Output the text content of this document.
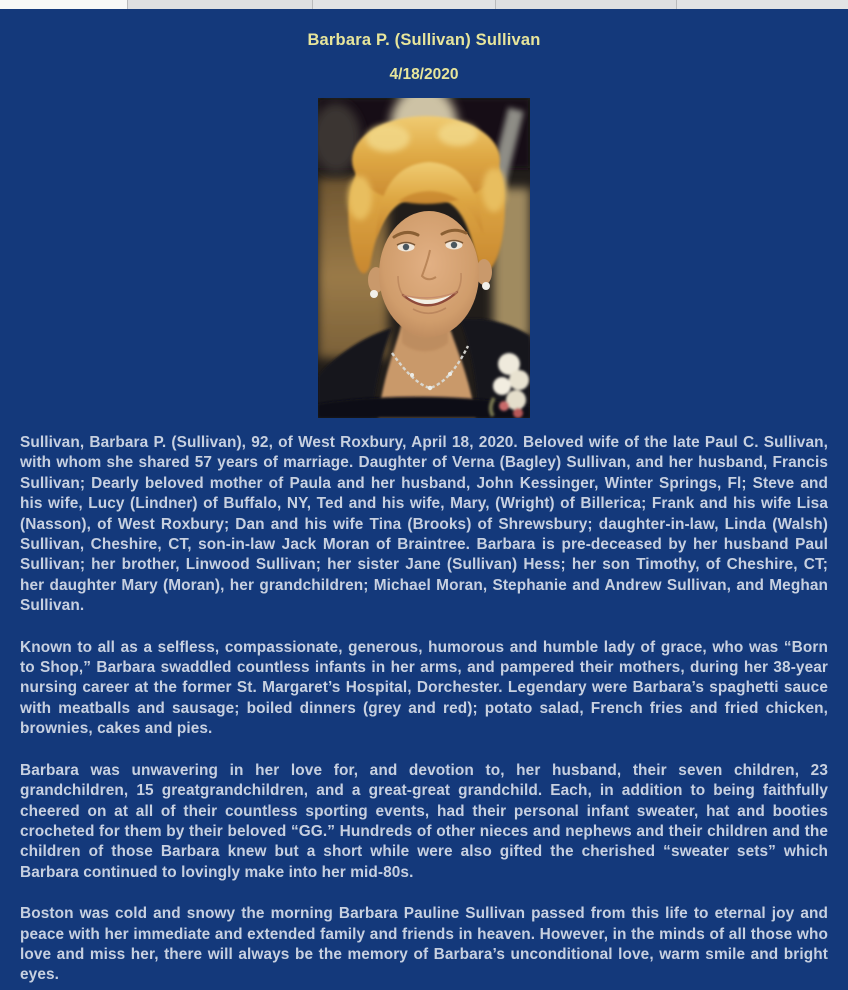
Barbara P. (Sullivan) Sullivan
4/18/2020

Sullivan, Barbara P. (Sullivan), 92, of West Roxbury, April 18, 2020. Beloved wife of the late Paul C. Sullivan, with whom she shared 57 years of marriage. Daughter of Verna (Bagley) Sullivan, and her husband, Francis Sullivan; Dearly beloved mother of Paula and her husband, John Kessinger, Winter Springs, Fl; Steve and his wife, Lucy (Lindner) of Buffalo, NY, Ted and his wife, Mary, (Wright) of Billerica; Frank and his wife Lisa (Nasson), of West Roxbury; Dan and his wife Tina (Brooks) of Shrewsbury; daughter-in-law, Linda (Walsh) Sullivan, Cheshire, CT, son-in-law Jack Moran of Braintree. Barbara is pre-deceased by her husband Paul Sullivan; her brother, Linwood Sullivan; her sister Jane (Sullivan) Hess; her son Timothy, of Cheshire, CT; her daughter Mary (Moran), her grandchildren; Michael Moran, Stephanie and Andrew Sullivan, and Meghan Sullivan.

Known to all as a selfless, compassionate, generous, humorous and humble lady of grace, who was “Born to Shop,” Barbara swaddled countless infants in her arms, and pampered their mothers, during her 38-year nursing career at the former St. Margaret’s Hospital, Dorchester. Legendary were Barbara’s spaghetti sauce with meatballs and sausage; boiled dinners (grey and red); potato salad, French fries and fried chicken, brownies, cakes and pies.

Barbara was unwavering in her love for, and devotion to, her husband, their seven children, 23 grandchildren, 15 greatgrandchildren, and a great-great grandchild. Each, in addition to being faithfully cheered on at all of their countless sporting events, had their personal infant sweater, hat and booties crocheted for them by their beloved “GG.” Hundreds of other nieces and nephews and their children and the children of those Barbara knew but a short while were also gifted the cherished “sweater sets” which Barbara continued to lovingly make into her mid-80s.

Boston was cold and snowy the morning Barbara Pauline Sullivan passed from this life to eternal joy and peace with her immediate and extended family and friends in heaven. However, in the minds of all those who love and miss her, there will always be the memory of Barbara’s unconditional love, warm smile and bright eyes.
